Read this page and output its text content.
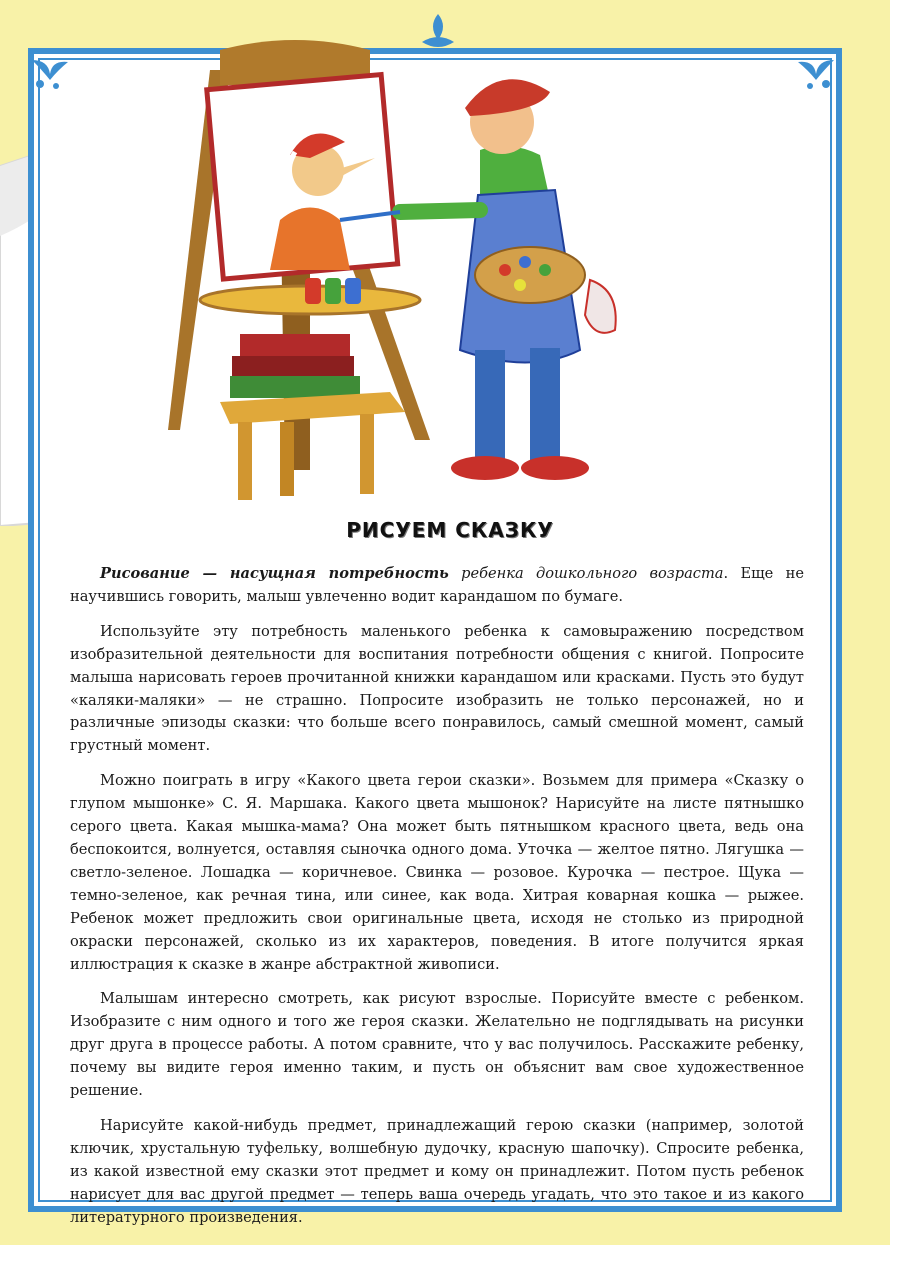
РИСУЕМ СКАЗКУ

Рисование — насущная потребность ребенка дошкольного возраста. Еще не научившись говорить, малыш увлеченно водит карандашом по бумаге.

Используйте эту потребность маленького ребенка к самовыражению посредством изобразительной деятельности для воспитания потребности общения с книгой. Попросите малыша нарисовать героев прочитанной книжки карандашом или красками. Пусть это будут «каляки-маляки» — не страшно. Попросите изобразить не только персонажей, но и различные эпизоды сказки: что больше всего понравилось, самый смешной момент, самый грустный момент.

Можно поиграть в игру «Какого цвета герои сказки». Возьмем для примера «Сказку о глупом мышонке» С. Я. Маршака. Какого цвета мышонок? Нарисуйте на листе пятнышко серого цвета. Какая мышка-мама? Она может быть пятнышком красного цвета, ведь она беспокоится, волнуется, оставляя сыночка одного дома. Уточка — желтое пятно. Лягушка — светло-зеленое. Лошадка — коричневое. Свинка — розовое. Курочка — пестрое. Щука — темно-зеленое, как речная тина, или синее, как вода. Хитрая коварная кошка — рыжее. Ребенок может предложить свои оригинальные цвета, исходя не столько из природной окраски персонажей, сколько из их характеров, поведения. В итоге получится яркая иллюстрация к сказке в жанре абстрактной живописи.

Малышам интересно смотреть, как рисуют взрослые. Порисуйте вместе с ребенком. Изобразите с ним одного и того же героя сказки. Желательно не подглядывать на рисунки друг друга в процессе работы. А потом сравните, что у вас получилось. Расскажите ребенку, почему вы видите героя именно таким, и пусть он объяснит вам свое художественное решение.

Нарисуйте какой-нибудь предмет, принадлежащий герою сказки (например, золотой ключик, хрустальную туфельку, волшебную дудочку, красную шапочку). Спросите ребенка, из какой известной ему сказки этот предмет и кому он принадлежит. Потом пусть ребенок нарисует для вас другой предмет — теперь ваша очередь угадать, что это такое и из какого литературного произведения.
